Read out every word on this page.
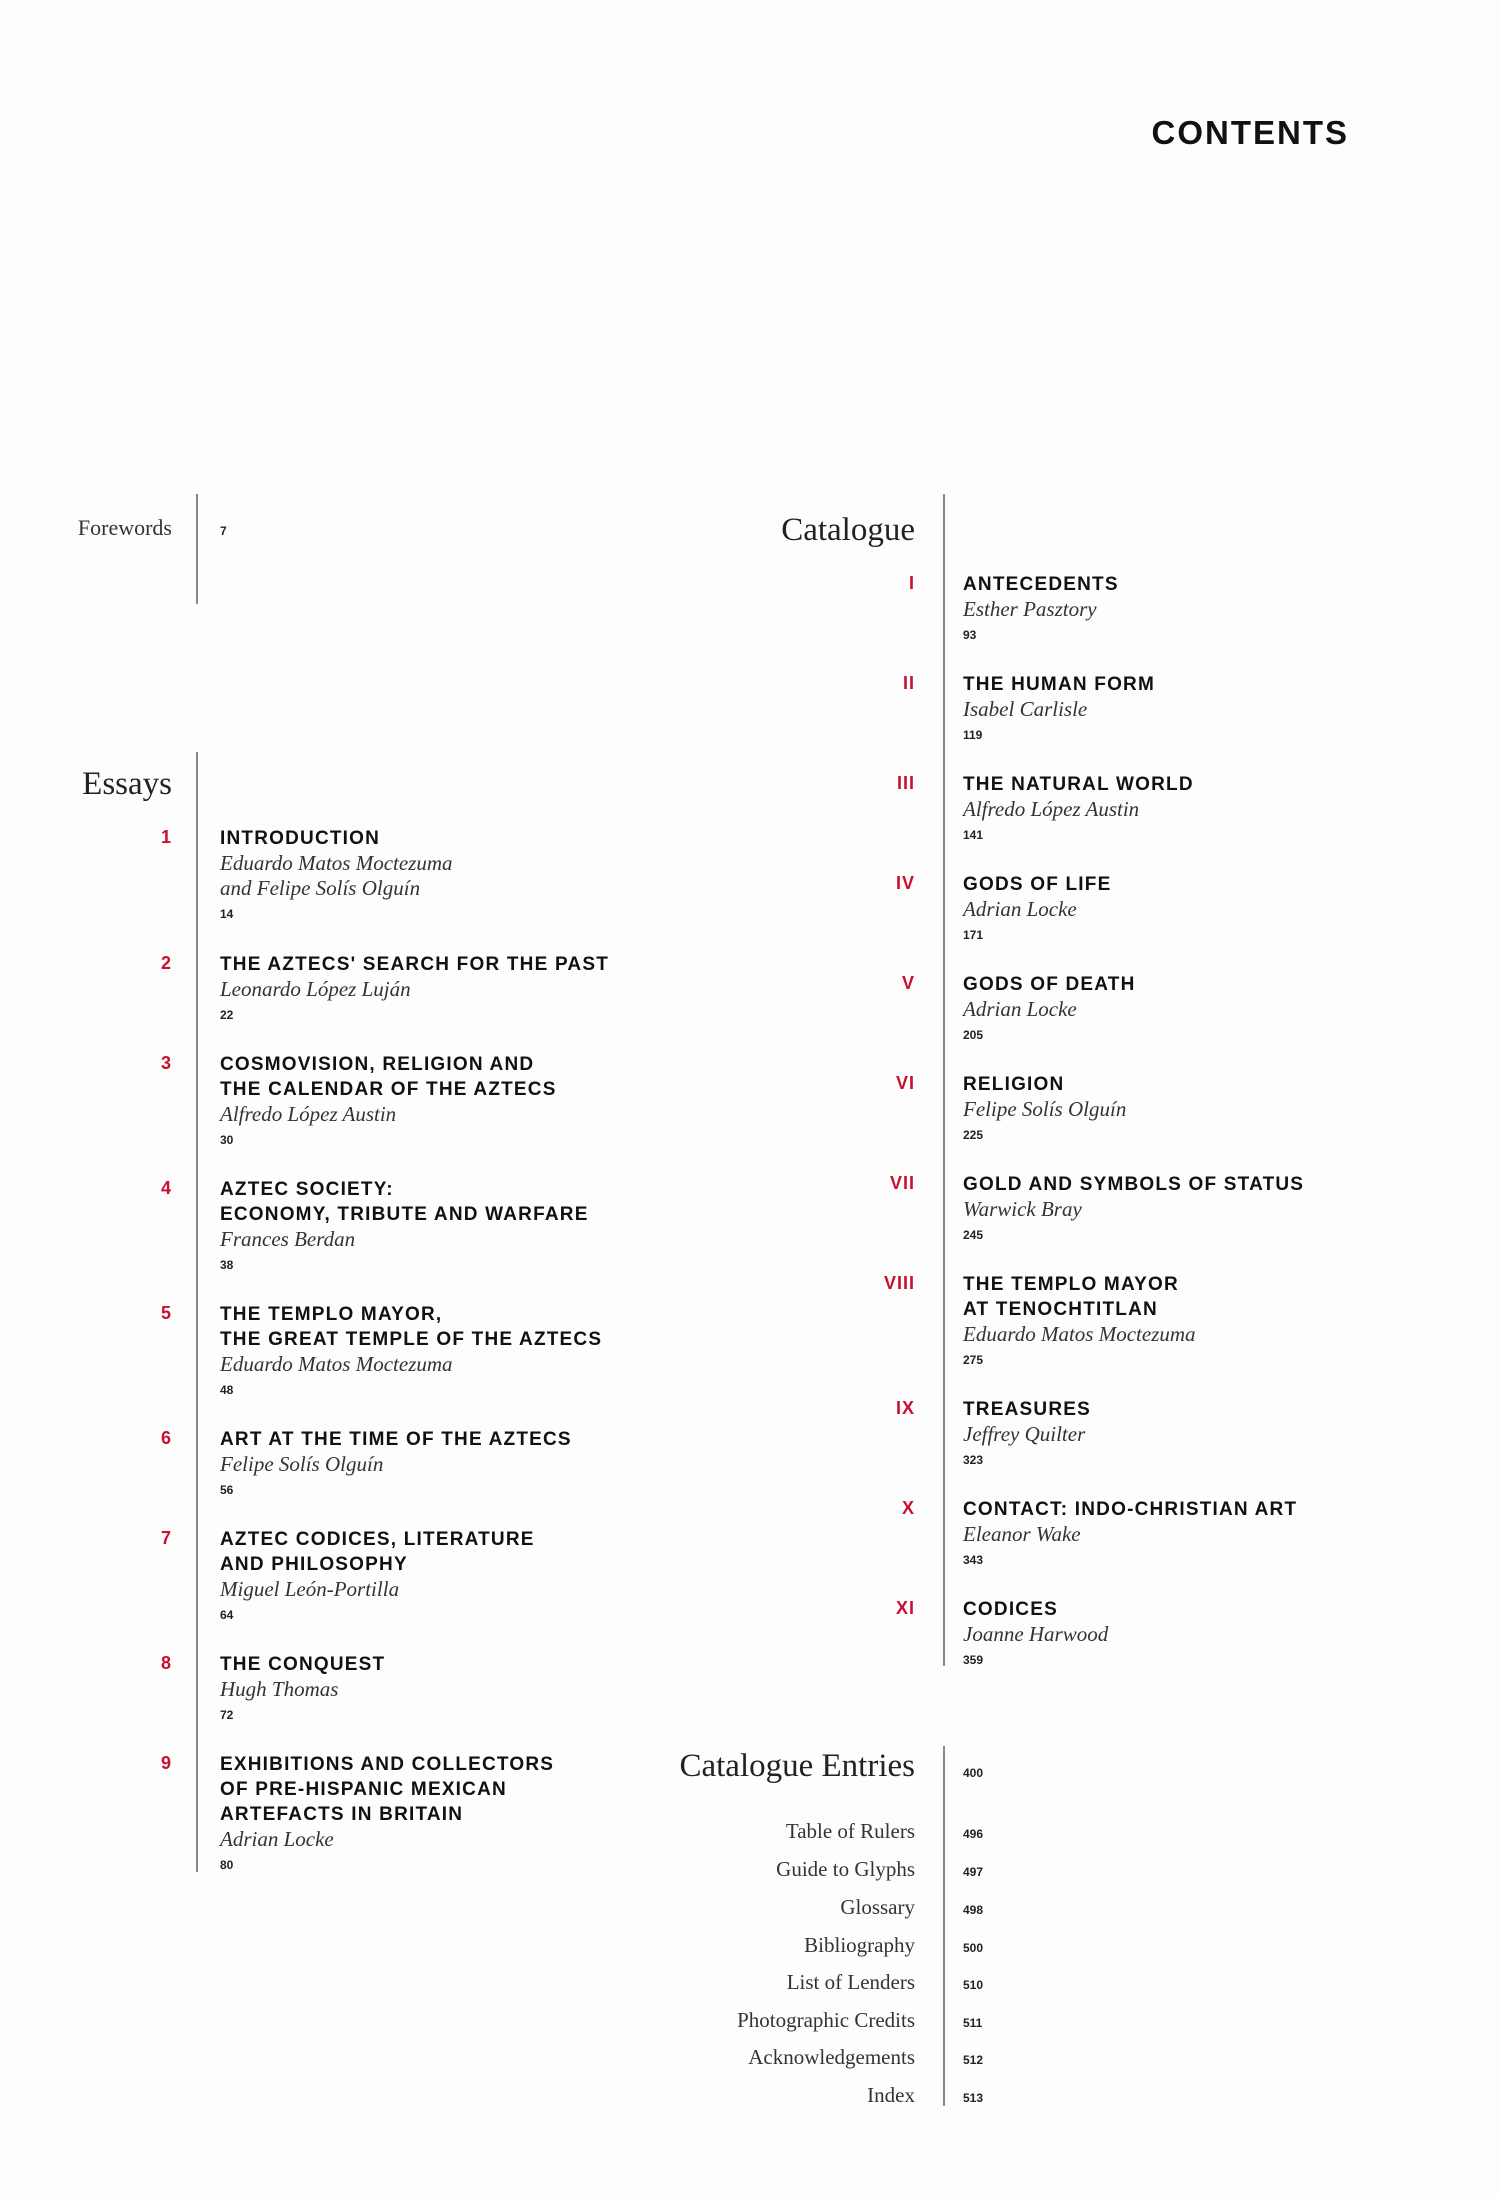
CONTENTS
Forewords	7
Essays
1	INTRODUCTION
Eduardo Matos Moctezuma
and Felipe Solís Olguín
14
2	THE AZTECS' SEARCH FOR THE PAST
Leonardo López Luján
22
3	COSMOVISION, RELIGION AND
THE CALENDAR OF THE AZTECS
Alfredo López Austin
30
4	AZTEC SOCIETY:
ECONOMY, TRIBUTE AND WARFARE
Frances Berdan
38
5	THE TEMPLO MAYOR,
THE GREAT TEMPLE OF THE AZTECS
Eduardo Matos Moctezuma
48
6	ART AT THE TIME OF THE AZTECS
Felipe Solís Olguín
56
7	AZTEC CODICES, LITERATURE
AND PHILOSOPHY
Miguel León-Portilla
64
8	THE CONQUEST
Hugh Thomas
72
9	EXHIBITIONS AND COLLECTORS
OF PRE-HISPANIC MEXICAN
ARTEFACTS IN BRITAIN
Adrian Locke
80
Catalogue
I	ANTECEDENTS
Esther Pasztory
93
II	THE HUMAN FORM
Isabel Carlisle
119
III	THE NATURAL WORLD
Alfredo López Austin
141
IV	GODS OF LIFE
Adrian Locke
171
V	GODS OF DEATH
Adrian Locke
205
VI	RELIGION
Felipe Solís Olguín
225
VII	GOLD AND SYMBOLS OF STATUS
Warwick Bray
245
VIII	THE TEMPLO MAYOR
AT TENOCHTITLAN
Eduardo Matos Moctezuma
275
IX	TREASURES
Jeffrey Quilter
323
X	CONTACT: INDO-CHRISTIAN ART
Eleanor Wake
343
XI	CODICES
Joanne Harwood
359
Catalogue Entries	400
Table of Rulers	496
Guide to Glyphs	497
Glossary	498
Bibliography	500
List of Lenders	510
Photographic Credits	511
Acknowledgements	512
Index	513
